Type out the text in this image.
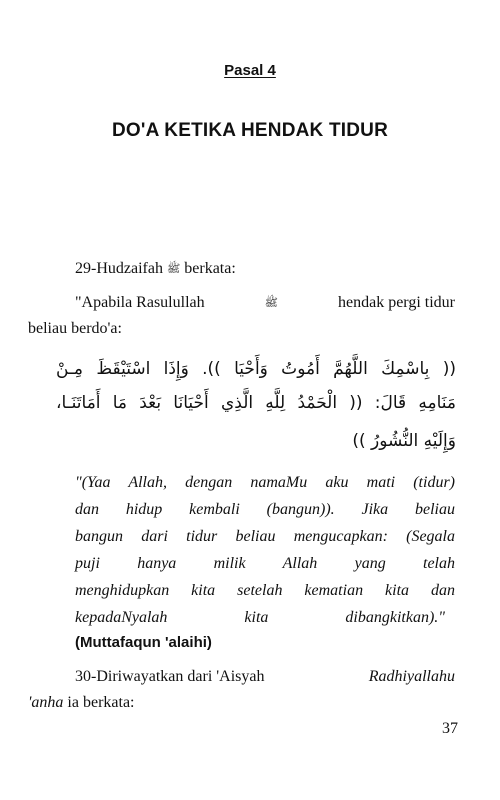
Pasal 4
DO'A KETIKA HENDAK TIDUR
29-Hudzaifah ﷺ berkata:
"Apabila Rasulullah	ﷺ	hendak pergi tidur
beliau berdo'a:
(( بِاسْمِكَ اللَّهُمَّ أَمُوتُ وَأَحْيَا )). وَإِذَا اسْتَيْقَظَ مِـنْ
مَنَامِهِ قَالَ: (( الْحَمْدُ لِلَّهِ الَّذِي أَحْيَانَا بَعْدَ مَا أَمَاتَنَـا،
وَإِلَيْهِ النُّشُورُ ))
"(Yaa Allah, dengan namaMu aku mati (tidur)
dan hidup kembali (bangun)). Jika beliau
bangun dari tidur beliau mengucapkan: (Segala
puji hanya milik Allah yang telah
menghidupkan kita setelah kematian kita dan
kepadaNyalah kita dibangkitkan)."
(Muttafaqun 'alaihi)
30-Diriwayatkan dari 'Aisyah	Radhiyallahu
'anha ia berkata:
37
